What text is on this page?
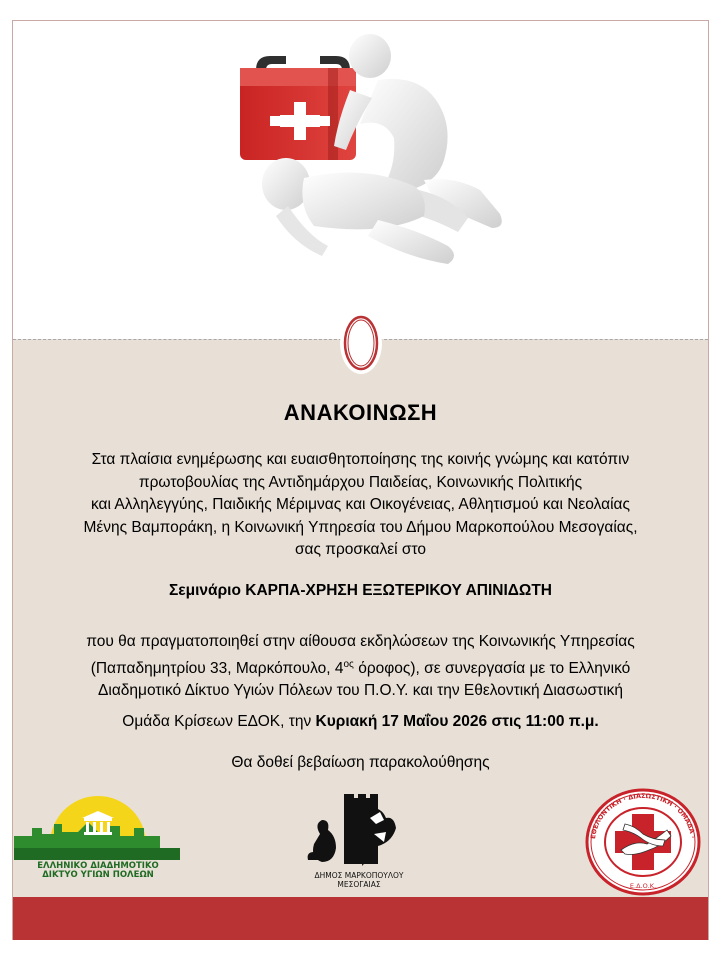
ΑΝΑΚΟΙΝΩΣΗ
Στα πλαίσια ενημέρωσης και ευαισθητοποίησης της κοινής γνώμης και κατόπιν
πρωτοβουλίας της Αντιδημάρχου Παιδείας, Κοινωνικής Πολιτικής
και Αλληλεγγύης, Παιδικής Μέριμνας και Οικογένειας, Αθλητισμού και Νεολαίας
Μένης Βαμποράκη, η Κοινωνική Υπηρεσία του Δήμου Μαρκοπούλου Μεσογαίας,
σας προσκαλεί στο
Σεμινάριο ΚΑΡΠΑ-ΧΡΗΣΗ ΕΞΩΤΕΡΙΚΟΥ ΑΠΙΝΙΔΩΤΗ
που θα πραγματοποιηθεί στην αίθουσα εκδηλώσεων της Κοινωνικής Υπηρεσίας
(Παπαδημητρίου 33, Μαρκόπουλο, $4^{o\varsigma}$ όροφος), σε συνεργασία με το Ελληνικό
Διαδημοτικό Δίκτυο Υγιών Πόλεων του Π.Ο.Υ. και την Εθελοντική Διασωστική
Ομάδα Κρίσεων ΕΔΟΚ, την Κυριακή 17 Μαΐου 2026 στις 11:00 π.μ.
Θα δοθεί βεβαίωση παρακολούθησης
ΕΛΛΗΝΙΚΟ ΔΙΑΔΗΜΟΤΙΚΟ
ΔΙΚΤΥΟ ΥΓΙΩΝ ΠΟΛΕΩΝ	ΔΗΜΟΣ ΜΑΡΚΟΠΟΥΛΟΥ
ΜΕΣΟΓΑΙΑΣ	Ε.Δ.Ο.Κ.
ΕΘΕΛΟΝΤΙΚΗ · ΔΙΑΣΩΣΤΙΚΗ · ΟΜΑΔΑ ·
